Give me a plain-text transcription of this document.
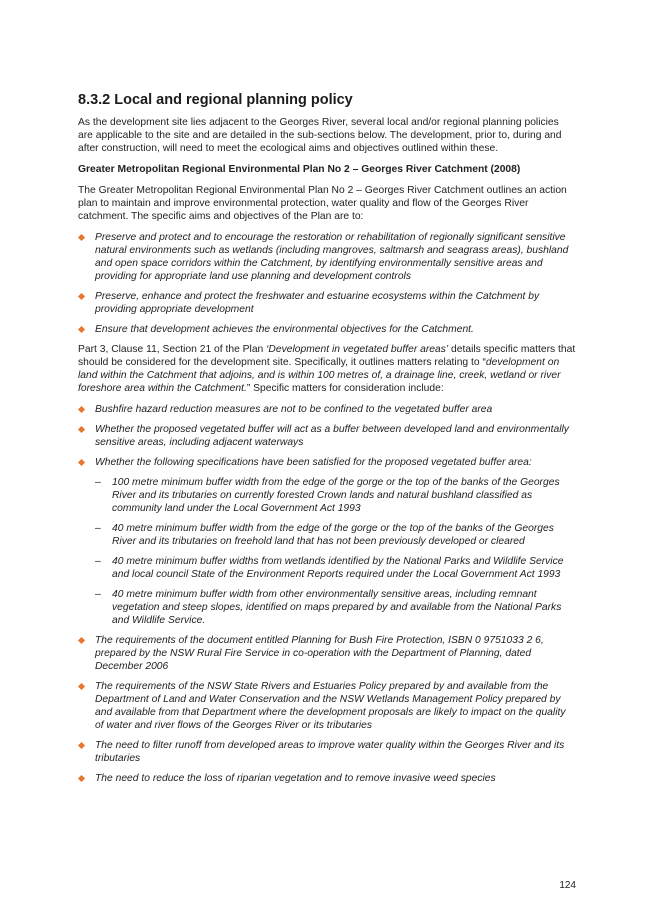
8.3.2 Local and regional planning policy

As the development site lies adjacent to the Georges River, several local and/or regional planning policies are applicable to the site and are detailed in the sub-sections below. The development, prior to, during and after construction, will need to meet the ecological aims and objectives outlined within these.

Greater Metropolitan Regional Environmental Plan No 2 – Georges River Catchment (2008)

The Greater Metropolitan Regional Environmental Plan No 2 – Georges River Catchment outlines an action plan to maintain and improve environmental protection, water quality and flow of the Georges River catchment. The specific aims and objectives of the Plan are to:

Preserve and protect and to encourage the restoration or rehabilitation of regionally significant sensitive natural environments such as wetlands (including mangroves, saltmarsh and seagrass areas), bushland and open space corridors within the Catchment, by identifying environmentally sensitive areas and providing for appropriate land use planning and development controls
Preserve, enhance and protect the freshwater and estuarine ecosystems within the Catchment by providing appropriate development
Ensure that development achieves the environmental objectives for the Catchment.

Part 3, Clause 11, Section 21 of the Plan ‘Development in vegetated buffer areas’ details specific matters that should be considered for the development site. Specifically, it outlines matters relating to “development on land within the Catchment that adjoins, and is within 100 metres of, a drainage line, creek, wetland or river foreshore area within the Catchment.” Specific matters for consideration include:

Bushfire hazard reduction measures are not to be confined to the vegetated buffer area
Whether the proposed vegetated buffer will act as a buffer between developed land and environmentally sensitive areas, including adjacent waterways
Whether the following specifications have been satisfied for the proposed vegetated buffer area:
– 100 metre minimum buffer width from the edge of the gorge or the top of the banks of the Georges River and its tributaries on currently forested Crown lands and natural bushland classified as community land under the Local Government Act 1993
– 40 metre minimum buffer width from the edge of the gorge or the top of the banks of the Georges River and its tributaries on freehold land that has not been previously developed or cleared
– 40 metre minimum buffer widths from wetlands identified by the National Parks and Wildlife Service and local council State of the Environment Reports required under the Local Government Act 1993
– 40 metre minimum buffer width from other environmentally sensitive areas, including remnant vegetation and steep slopes, identified on maps prepared by and available from the National Parks and Wildlife Service.
The requirements of the document entitled Planning for Bush Fire Protection, ISBN 0 9751033 2 6, prepared by the NSW Rural Fire Service in co-operation with the Department of Planning, dated December 2006
The requirements of the NSW State Rivers and Estuaries Policy prepared by and available from the Department of Land and Water Conservation and the NSW Wetlands Management Policy prepared by and available from that Department where the development proposals are likely to impact on the quality of water and river flows of the Georges River or its tributaries
The need to filter runoff from developed areas to improve water quality within the Georges River and its tributaries
The need to reduce the loss of riparian vegetation and to remove invasive weed species
124
